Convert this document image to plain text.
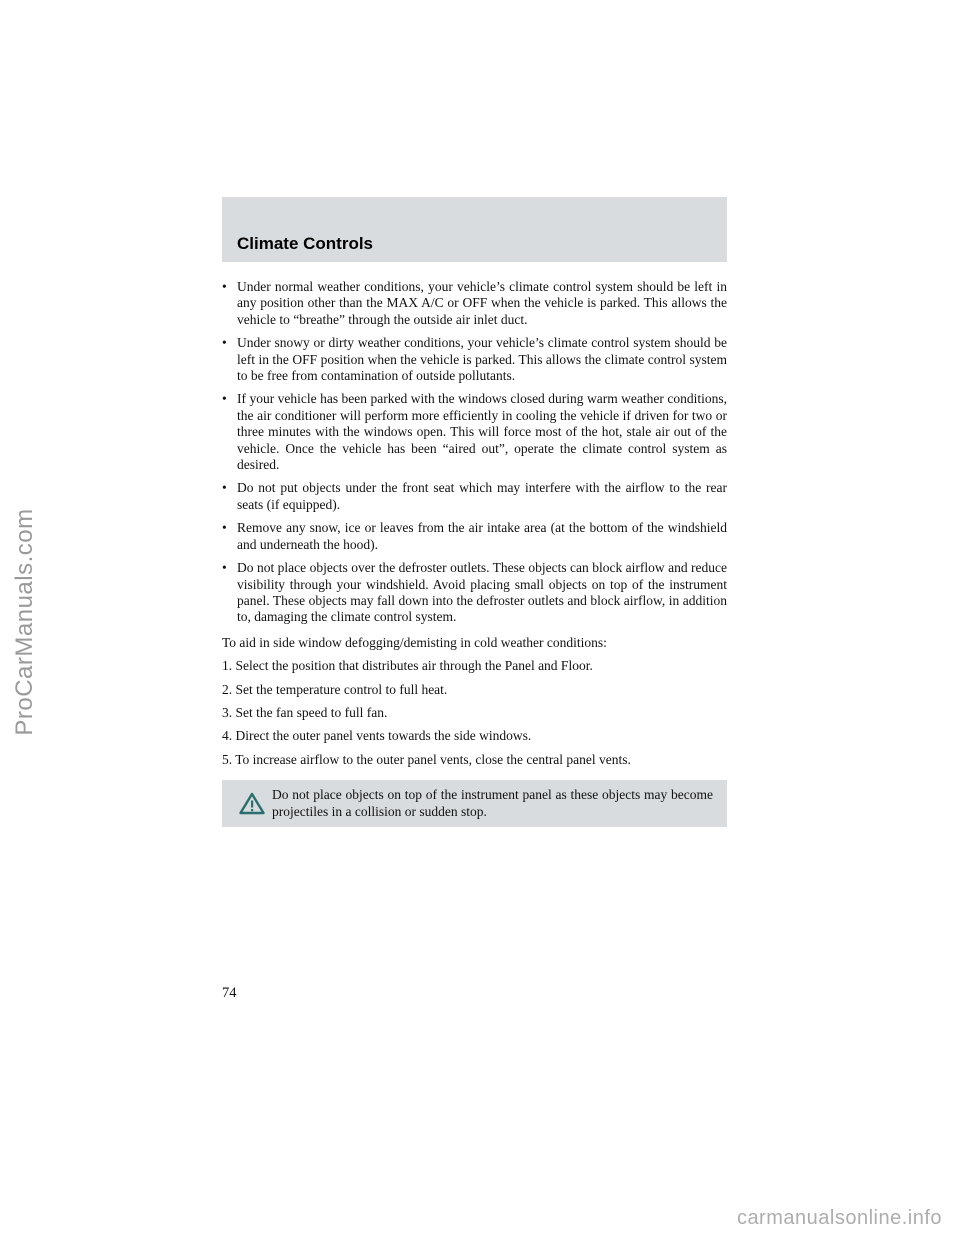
ProCarManuals.com
Climate Controls
• Under normal weather conditions, your vehicle’s climate control system should be left in any position other than the MAX A/C or OFF when the vehicle is parked. This allows the vehicle to “breathe” through the outside air inlet duct.
• Under snowy or dirty weather conditions, your vehicle’s climate control system should be left in the OFF position when the vehicle is parked. This allows the climate control system to be free from contamination of outside pollutants.
• If your vehicle has been parked with the windows closed during warm weather conditions, the air conditioner will perform more efficiently in cooling the vehicle if driven for two or three minutes with the windows open. This will force most of the hot, stale air out of the vehicle. Once the vehicle has been “aired out”, operate the climate control system as desired.
• Do not put objects under the front seat which may interfere with the airflow to the rear seats (if equipped).
• Remove any snow, ice or leaves from the air intake area (at the bottom of the windshield and underneath the hood).
• Do not place objects over the defroster outlets. These objects can block airflow and reduce visibility through your windshield. Avoid placing small objects on top of the instrument panel. These objects may fall down into the defroster outlets and block airflow, in addition to, damaging the climate control system.

To aid in side window defogging/demisting in cold weather conditions:

1. Select the position that distributes air through the Panel and Floor.

2. Set the temperature control to full heat.

3. Set the fan speed to full fan.

4. Direct the outer panel vents towards the side windows.

5. To increase airflow to the outer panel vents, close the central panel vents.

Do not place objects on top of the instrument panel as these objects may become projectiles in a collision or sudden stop.

74
carmanualsonline.info
